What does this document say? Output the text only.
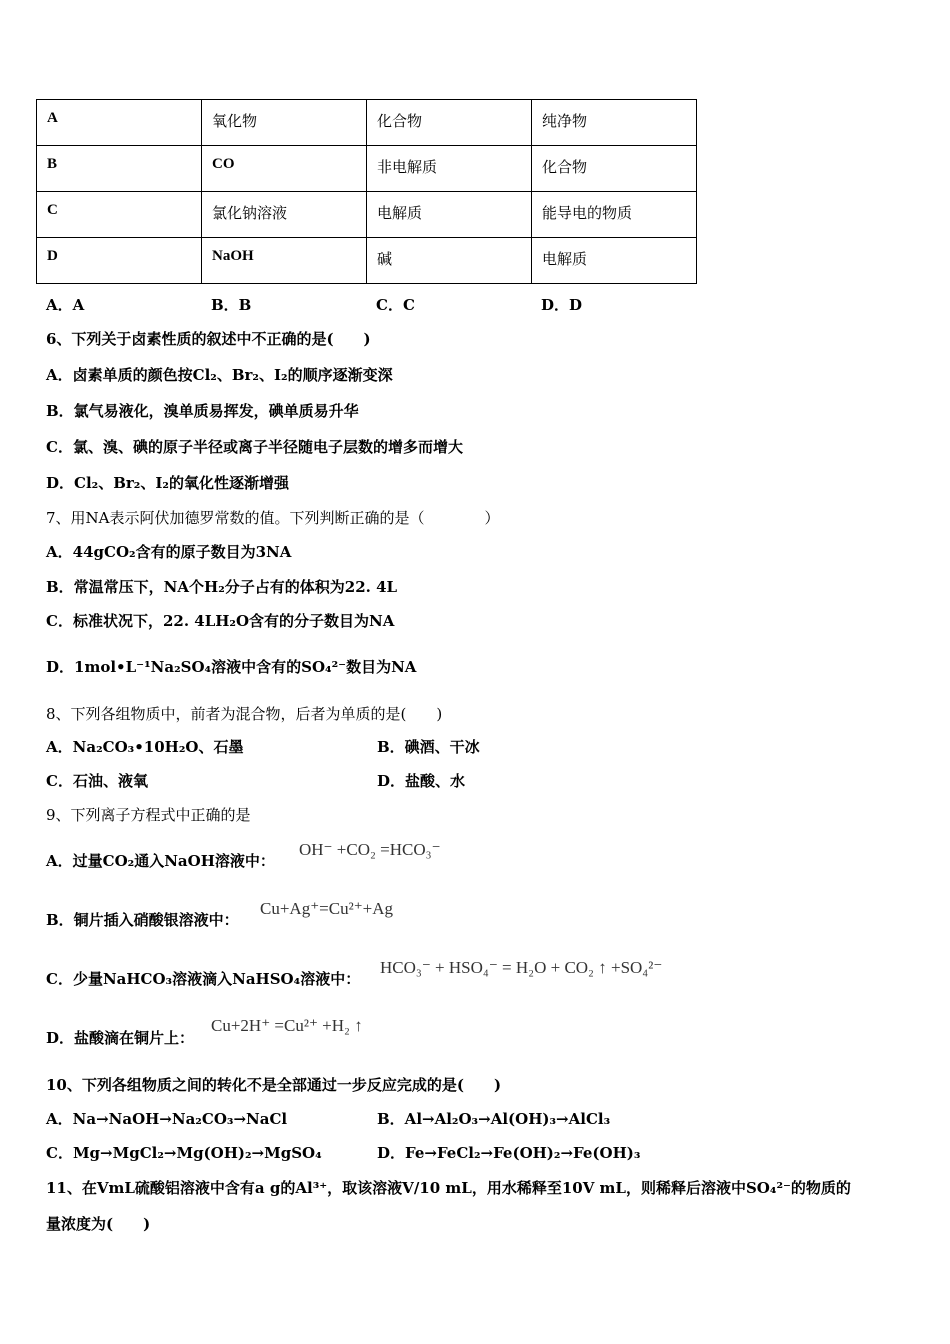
A	氧化物	化合物	纯净物
B	CO	非电解质	化合物
C	氯化钠溶液	电解质	能导电的物质
D	NaOH	碱	电解质
A．A	B．B	C．C	D．D
6、下列关于卤素性质的叙述中不正确的是(　　)
A．卤素单质的颜色按Cl₂、Br₂、I₂的顺序逐渐变深
B．氯气易液化，溴单质易挥发，碘单质易升华
C．氯、溴、碘的原子半径或离子半径随电子层数的增多而增大
D．Cl₂、Br₂、I₂的氧化性逐渐增强
7、用NA表示阿伏加德罗常数的值。下列判断正确的是（　　　　）
A．44gCO₂含有的原子数目为3NA
B．常温常压下，NA个H₂分子占有的体积为22. 4L
C．标准状况下，22. 4LH₂O含有的分子数目为NA
D．1mol•L⁻¹Na₂SO₄溶液中含有的SO₄²⁻数目为NA
8、下列各组物质中，前者为混合物，后者为单质的是(　　)
A．Na₂CO₃•10H₂O、石墨	B．碘酒、干冰
C．石油、液氧	D．盐酸、水
9、下列离子方程式中正确的是
A．过量CO₂通入NaOH溶液中：
OH⁻ +CO₂ =HCO₃⁻
B．铜片插入硝酸银溶液中：
Cu+Ag⁺=Cu²⁺+Ag
C．少量NaHCO₃溶液滴入NaHSO₄溶液中：
HCO₃⁻ + HSO₄⁻ = H₂O + CO₂ ↑ +SO₄²⁻
D．盐酸滴在铜片上：
Cu+2H⁺ =Cu²⁺ +H₂ ↑
10、下列各组物质之间的转化不是全部通过一步反应完成的是(　　)
A．Na→NaOH→Na₂CO₃→NaCl	B．Al→Al₂O₃→Al(OH)₃→AlCl₃
C．Mg→MgCl₂→Mg(OH)₂→MgSO₄	D．Fe→FeCl₂→Fe(OH)₂→Fe(OH)₃
11、在VmL硫酸铝溶液中含有a g的Al³⁺，取该溶液V/10 mL，用水稀释至10V mL，则稀释后溶液中SO₄²⁻的物质的
量浓度为(　　)
